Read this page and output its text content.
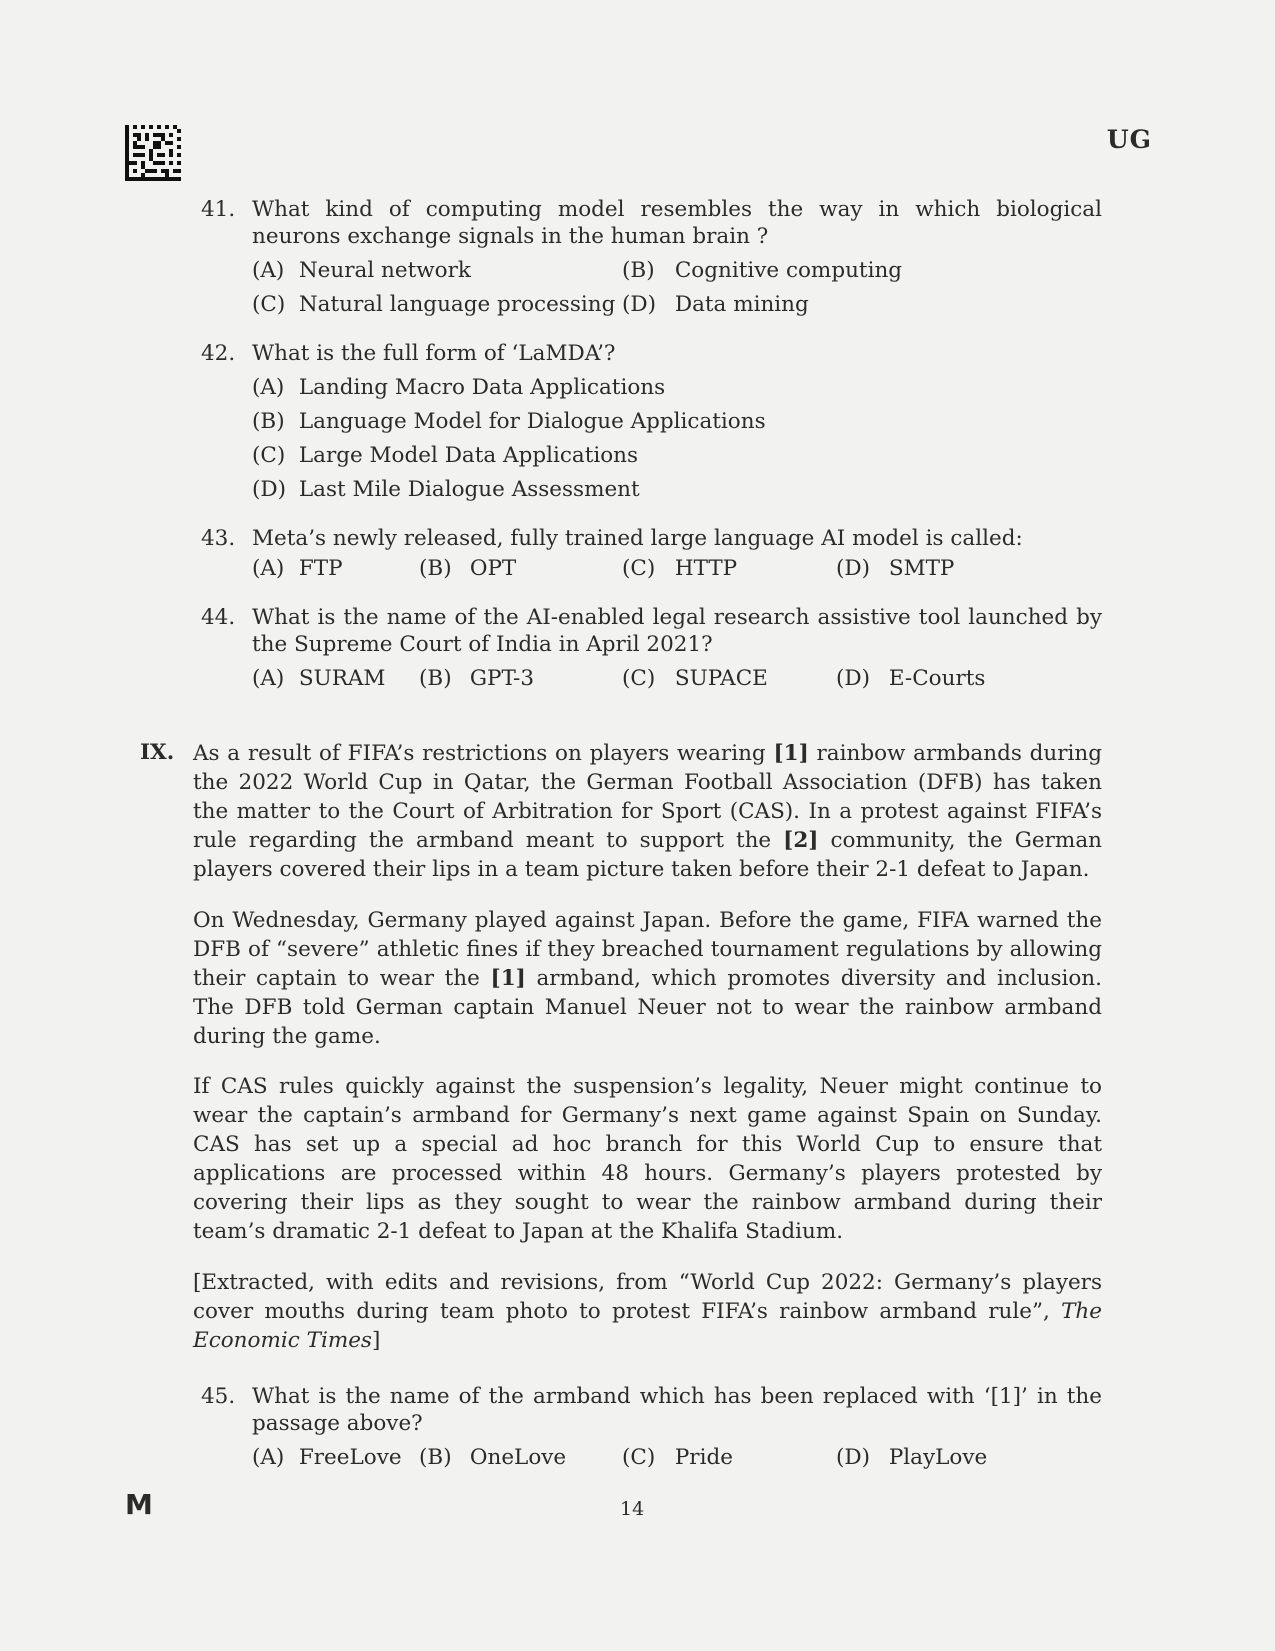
UG
41. What kind of computing model resembles the way in which biological neurons exchange signals in the human brain ?
(A) Neural network	(B) Cognitive computing
(C) Natural language processing (D) Data mining
42. What is the full form of ‘LaMDA’?
(A) Landing Macro Data Applications
(B) Language Model for Dialogue Applications
(C) Large Model Data Applications
(D) Last Mile Dialogue Assessment
43. Meta’s newly released, fully trained large language AI model is called:
(A) FTP	(B) OPT	(C) HTTP	(D) SMTP
44. What is the name of the AI-enabled legal research assistive tool launched by the Supreme Court of India in April 2021?
(A) SURAM (B) GPT-3	(C) SUPACE	(D) E-Courts
IX. As a result of FIFA’s restrictions on players wearing [1] rainbow armbands during the 2022 World Cup in Qatar, the German Football Association (DFB) has taken the matter to the Court of Arbitration for Sport (CAS). In a protest against FIFA’s rule regarding the armband meant to support the [2] community, the German players covered their lips in a team picture taken before their 2-1 defeat to Japan.

On Wednesday, Germany played against Japan. Before the game, FIFA warned the DFB of “severe” athletic fines if they breached tournament regulations by allowing their captain to wear the [1] armband, which promotes diversity and inclusion. The DFB told German captain Manuel Neuer not to wear the rainbow armband during the game.

If CAS rules quickly against the suspension’s legality, Neuer might continue to wear the captain’s armband for Germany’s next game against Spain on Sunday. CAS has set up a special ad hoc branch for this World Cup to ensure that applications are processed within 48 hours. Germany’s players protested by covering their lips as they sought to wear the rainbow armband during their team’s dramatic 2-1 defeat to Japan at the Khalifa Stadium.

[Extracted, with edits and revisions, from “World Cup 2022: Germany’s players cover mouths during team photo to protest FIFA’s rainbow armband rule”, The Economic Times]

45. What is the name of the armband which has been replaced with ‘[1]’ in the passage above?
(A) FreeLove (B) OneLove	(C) Pride	(D) PlayLove
M	14
